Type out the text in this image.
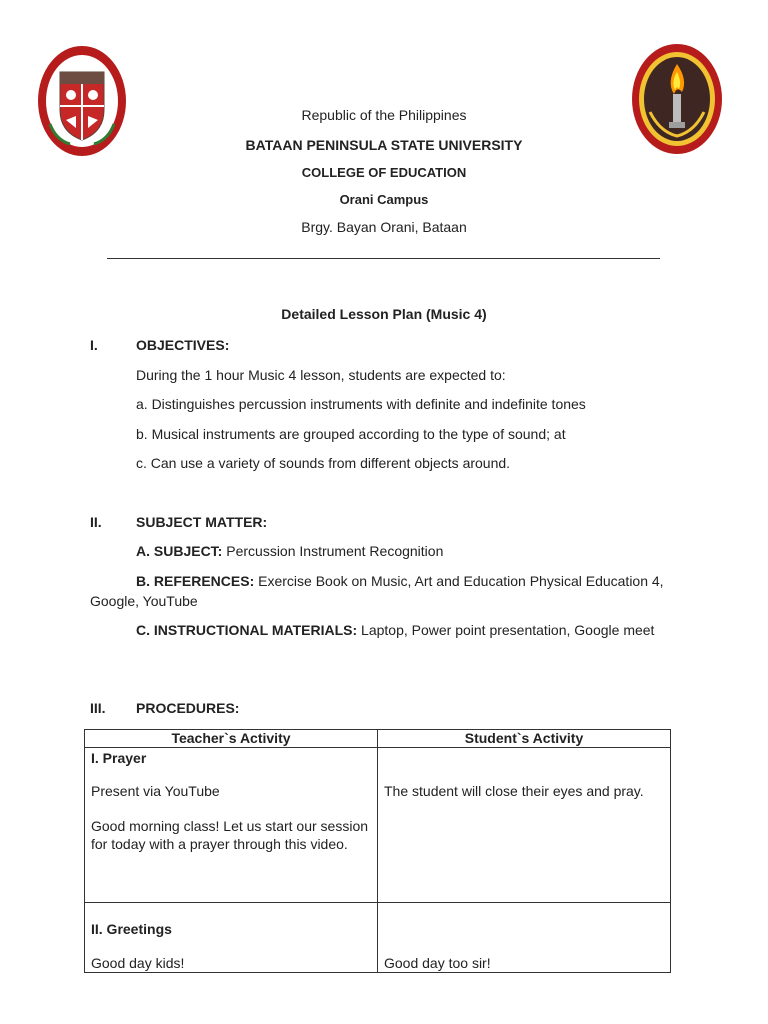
Republic of the Philippines
BATAAN PENINSULA STATE UNIVERSITY
COLLEGE OF EDUCATION
Orani Campus
Brgy. Bayan Orani, Bataan
Detailed Lesson Plan (Music 4)
I.	OBJECTIVES:
During the 1 hour Music 4 lesson, students are expected to:
a. Distinguishes percussion instruments with definite and indefinite tones
b. Musical instruments are grouped according to the type of sound; at
c. Can use a variety of sounds from different objects around.
II. SUBJECT MATTER:
A. SUBJECT: Percussion Instrument Recognition
B. REFERENCES: Exercise Book on Music, Art and Education Physical Education 4, Google, YouTube
C. INSTRUCTIONAL MATERIALS: Laptop, Power point presentation, Google meet
III. PROCEDURES:
Teacher`s Activity	Student`s Activity

I. Prayer

Present via YouTube

Good morning class! Let us start our session for today with a prayer through this video.	The student will close their eyes and pray.

II. Greetings

Good day kids!	Good day too sir!
